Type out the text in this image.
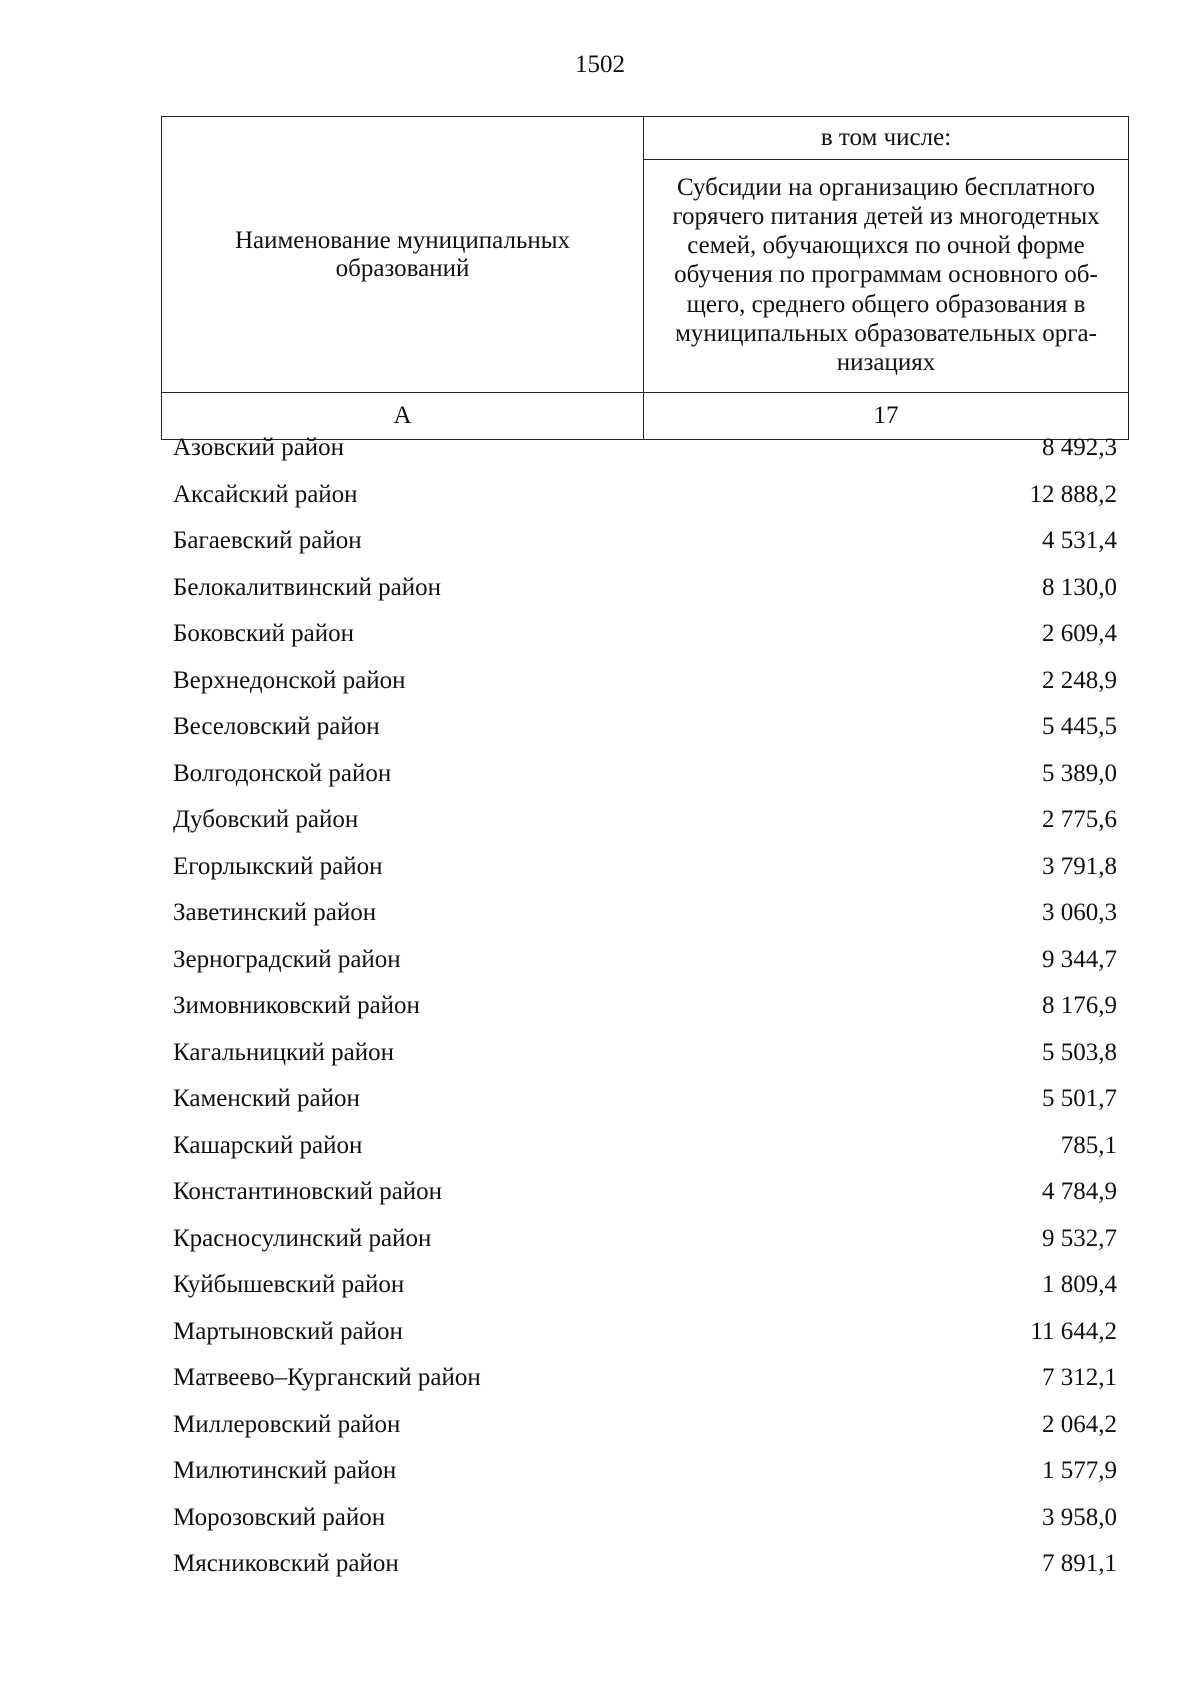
1502
Наименование муниципальных образований	в том числе:
	Субсидии на организацию бесплатного горячего питания детей из многодетных семей, обучающихся по очной форме обучения по программам основного об-щего, среднего общего образования в муниципальных образовательных орга-низациях
А	17
Азовский район	8 492,3
Аксайский район	12 888,2
Багаевский район	4 531,4
Белокалитвинский район	8 130,0
Боковский район	2 609,4
Верхнедонской район	2 248,9
Веселовский район	5 445,5
Волгодонской район	5 389,0
Дубовский район	2 775,6
Егорлыкский район	3 791,8
Заветинский район	3 060,3
Зерноградский район	9 344,7
Зимовниковский район	8 176,9
Кагальницкий район	5 503,8
Каменский район	5 501,7
Кашарский район	785,1
Константиновский район	4 784,9
Красносулинский район	9 532,7
Куйбышевский район	1 809,4
Мартыновский район	11 644,2
Матвеево–Курганский район	7 312,1
Миллеровский район	2 064,2
Милютинский район	1 577,9
Морозовский район	3 958,0
Мясниковский район	7 891,1
